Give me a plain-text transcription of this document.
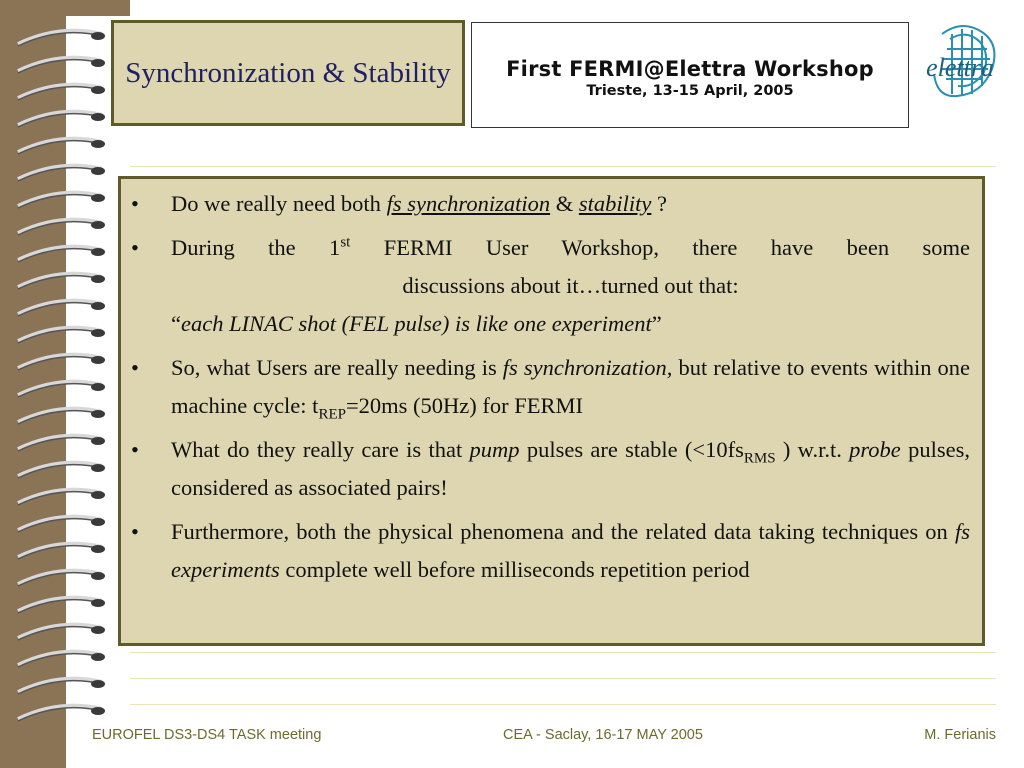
Synchronization & Stability	First FERMI@Elettra Workshop
Trieste, 13-15 April, 2005
elettra
• Do we really need both fs synchronization & stability ?
• During the 1st FERMI User Workshop, there have been some
discussions about it…turned out that:
“each LINAC shot (FEL pulse) is like one experiment”
• So, what Users are really needing is fs synchronization, but relative to events within one machine cycle: $t_{REP}=20ms$ (50Hz) for FERMI
• What do they really care is that pump pulses are stable ($<10fs_{RMS}$ ) w.r.t. probe pulses, considered as associated pairs!
• Furthermore, both the physical phenomena and the related data taking techniques on fs experiments complete well before milliseconds repetition period
EUROFEL DS3-DS4 TASK meeting	CEA - Saclay, 16-17 MAY 2005	M. Ferianis
